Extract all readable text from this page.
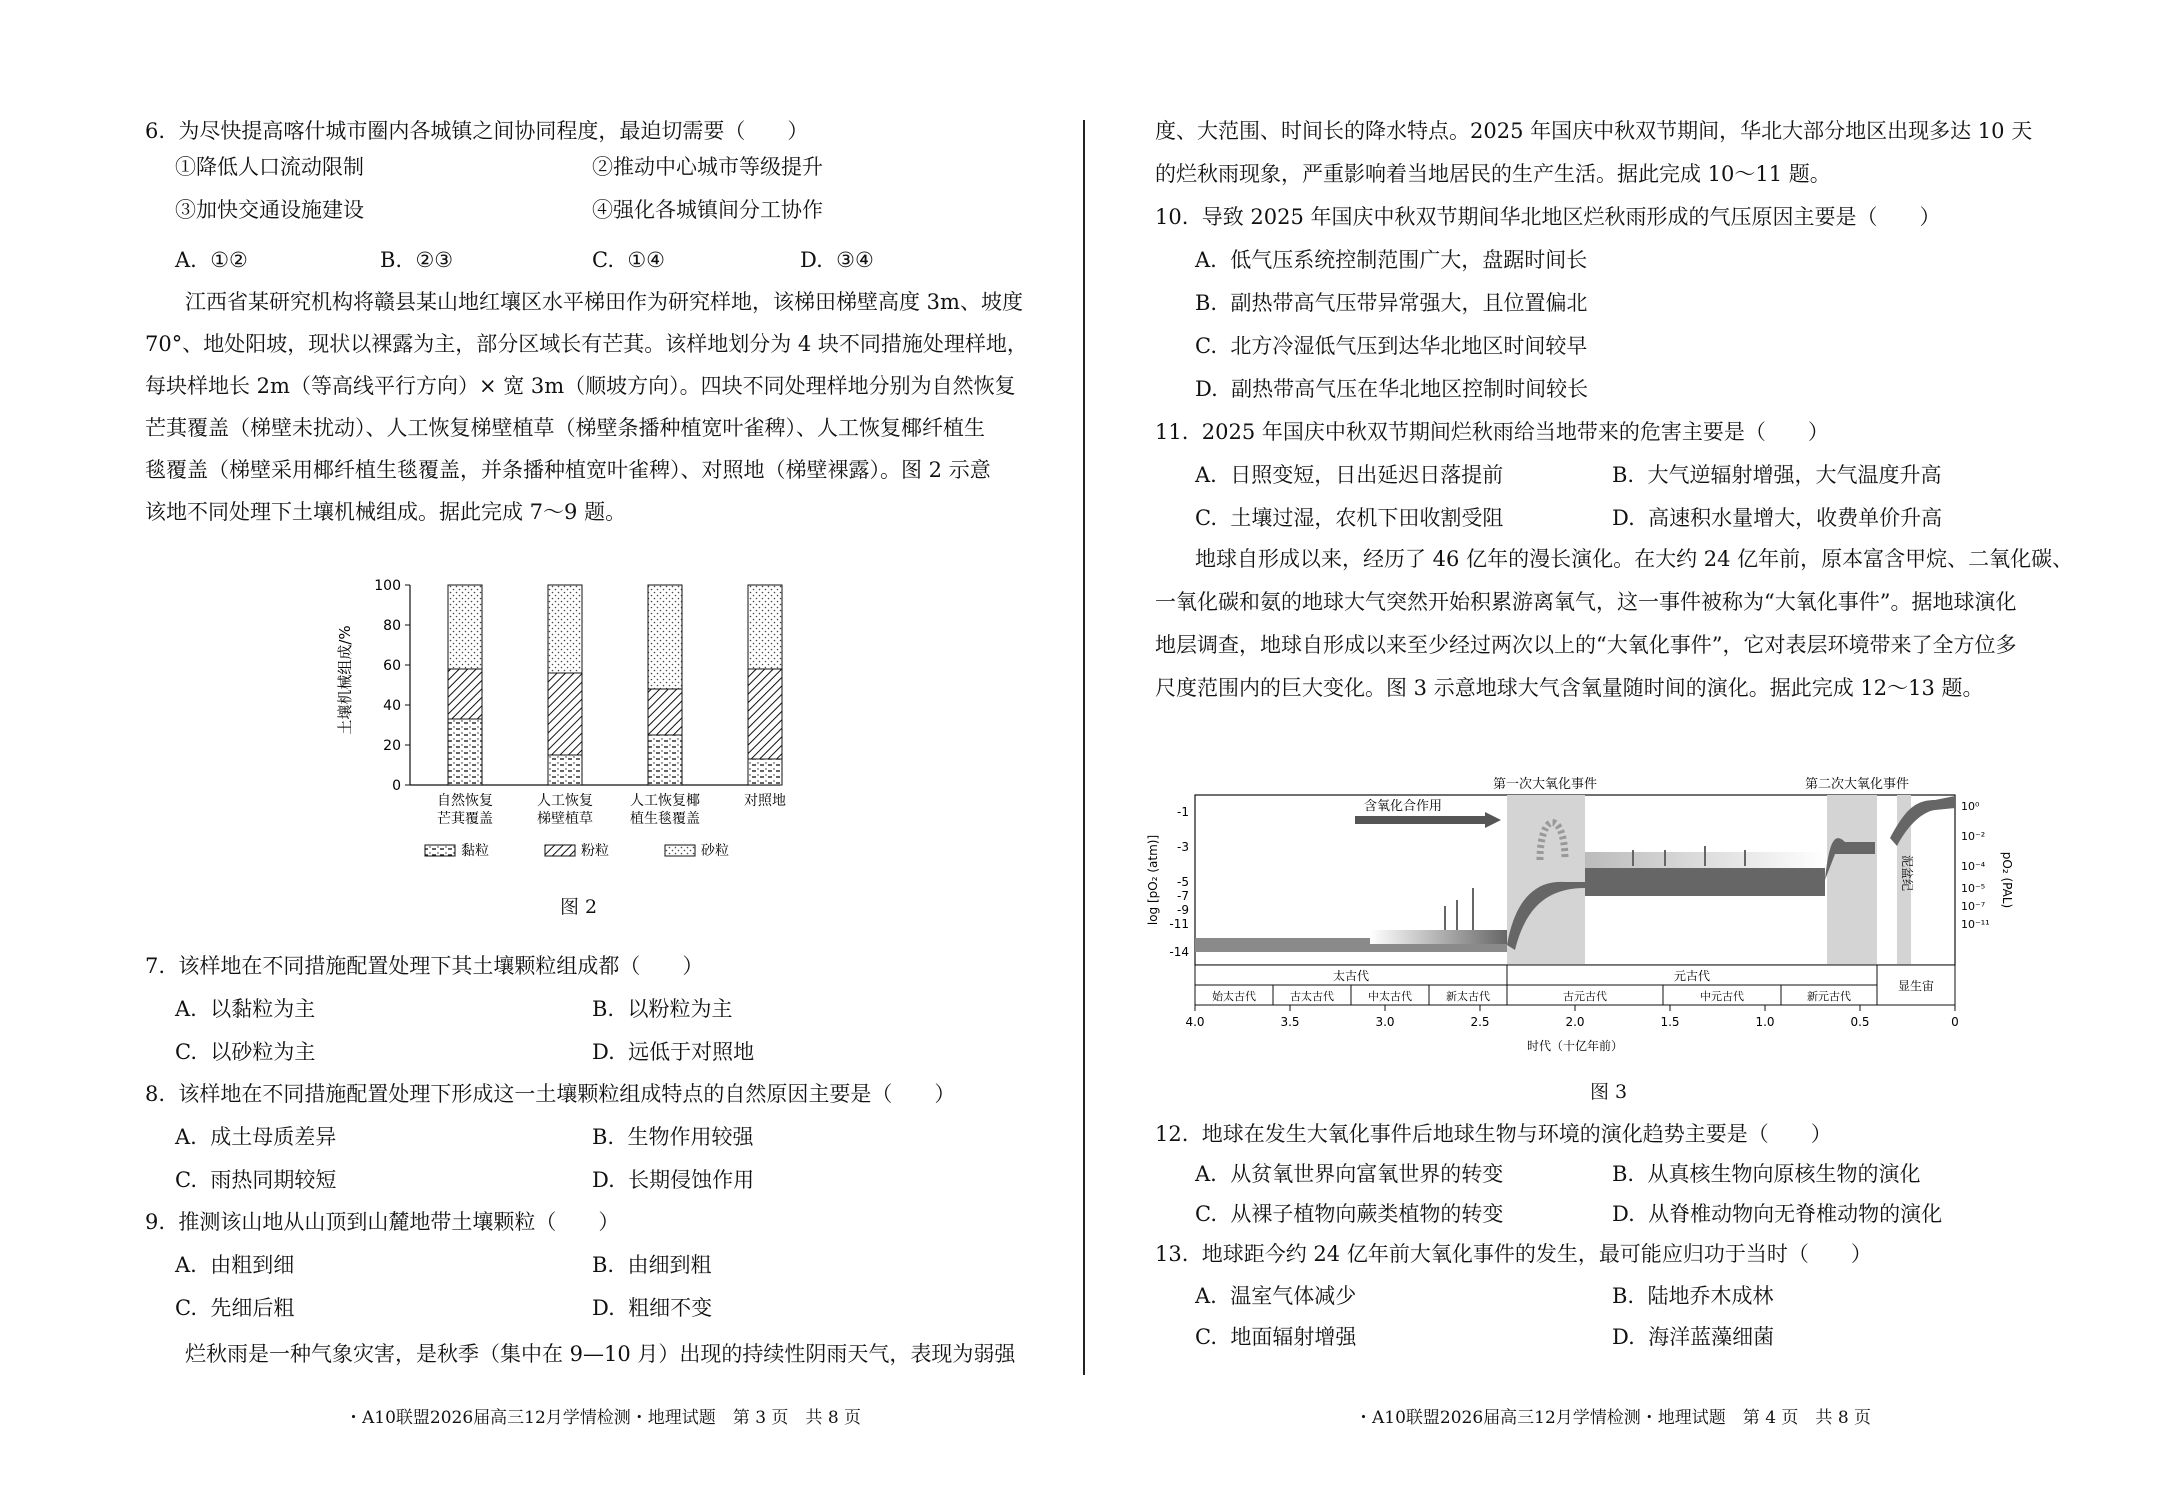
6.  为尽快提高喀什城市圈内各城镇之间协同程度，最迫切需要（　　）
①降低人口流动限制	②推动中心城市等级提升
③加快交通设施建设	④强化各城镇间分工协作
A.  ①②	B.  ②③	C.  ①④	D.  ③④
江西省某研究机构将赣县某山地红壤区水平梯田作为研究样地，该梯田梯壁高度 3m、坡度
70°、地处阳坡，现状以裸露为主，部分区域长有芒萁。该样地划分为 4 块不同措施处理样地，
每块样地长 2m（等高线平行方向）× 宽 3m（顺坡方向）。四块不同处理样地分别为自然恢复
芒萁覆盖（梯壁未扰动）、人工恢复梯壁植草（梯壁条播种植宽叶雀稗）、人工恢复椰纤植生
毯覆盖（梯壁采用椰纤植生毯覆盖，并条播种植宽叶雀稗）、对照地（梯壁裸露）。图 2 示意
该地不同处理下土壤机械组成。据此完成 7～9 题。
土壤机械组成/%
0
20
40
60
80
100
自然恢复
芒萁覆盖
人工恢复
梯壁植草
人工恢复椰
植生毯覆盖
对照地
黏粒	粉粒	砂粒
图 2
7.  该样地在不同措施配置处理下其土壤颗粒组成都（　　）
A.  以黏粒为主	B.  以粉粒为主
C.  以砂粒为主	D.  远低于对照地
8.  该样地在不同措施配置处理下形成这一土壤颗粒组成特点的自然原因主要是（　　）
A.  成土母质差异	B.  生物作用较强
C.  雨热同期较短	D.  长期侵蚀作用
9.  推测该山地从山顶到山麓地带土壤颗粒（　　）
A.  由粗到细	B.  由细到粗
C.  先细后粗	D.  粗细不变
烂秋雨是一种气象灾害，是秋季（集中在 9—10 月）出现的持续性阴雨天气，表现为弱强
・A10联盟2026届高三12月学情检测・地理试题　第 3 页　共 8 页
度、大范围、时间长的降水特点。2025 年国庆中秋双节期间，华北大部分地区出现多达 10 天
的烂秋雨现象，严重影响着当地居民的生产生活。据此完成 10～11 题。
10.  导致 2025 年国庆中秋双节期间华北地区烂秋雨形成的气压原因主要是（　　）
A.  低气压系统控制范围广大，盘踞时间长
B.  副热带高气压带异常强大，且位置偏北
C.  北方冷湿低气压到达华北地区时间较早
D.  副热带高气压在华北地区控制时间较长
11.  2025 年国庆中秋双节期间烂秋雨给当地带来的危害主要是（　　）
A.  日照变短，日出延迟日落提前	B.  大气逆辐射增强，大气温度升高
C.  土壤过湿，农机下田收割受阻	D.  高速积水量增大，收费单价升高
地球自形成以来，经历了 46 亿年的漫长演化。在大约 24 亿年前，原本富含甲烷、二氧化碳、
一氧化碳和氨的地球大气突然开始积累游离氧气，这一事件被称为“大氧化事件”。据地球演化
地层调查，地球自形成以来至少经过两次以上的“大氧化事件”，它对表层环境带来了全方位多
尺度范围内的巨大变化。图 3 示意地球大气含氧量随时间的演化。据此完成 12～13 题。
第一次大氧化事件	第二次大氧化事件
含氧化合作用
泥盆纪
-1
-3
-5
-7
-9
-11
-14
10⁰
10⁻²
10⁻⁴
10⁻⁵
10⁻⁷
10⁻¹¹
log [pO₂ (atm)]	pO₂ (PAL)
太古代	元古代
显生宙
始太古代	古太古代	中太古代	新太古代	古元古代	中元古代	新元古代
4.0	3.5	3.0	2.5	2.0	1.5	1.0	0.5	0
时代（十亿年前）
图 3
12.  地球在发生大氧化事件后地球生物与环境的演化趋势主要是（　　）
A.  从贫氧世界向富氧世界的转变	B.  从真核生物向原核生物的演化
C.  从裸子植物向蕨类植物的转变	D.  从脊椎动物向无脊椎动物的演化
13.  地球距今约 24 亿年前大氧化事件的发生，最可能应归功于当时（　　）
A.  温室气体减少	B.  陆地乔木成林
C.  地面辐射增强	D.  海洋蓝藻细菌
・A10联盟2026届高三12月学情检测・地理试题　第 4 页　共 8 页
